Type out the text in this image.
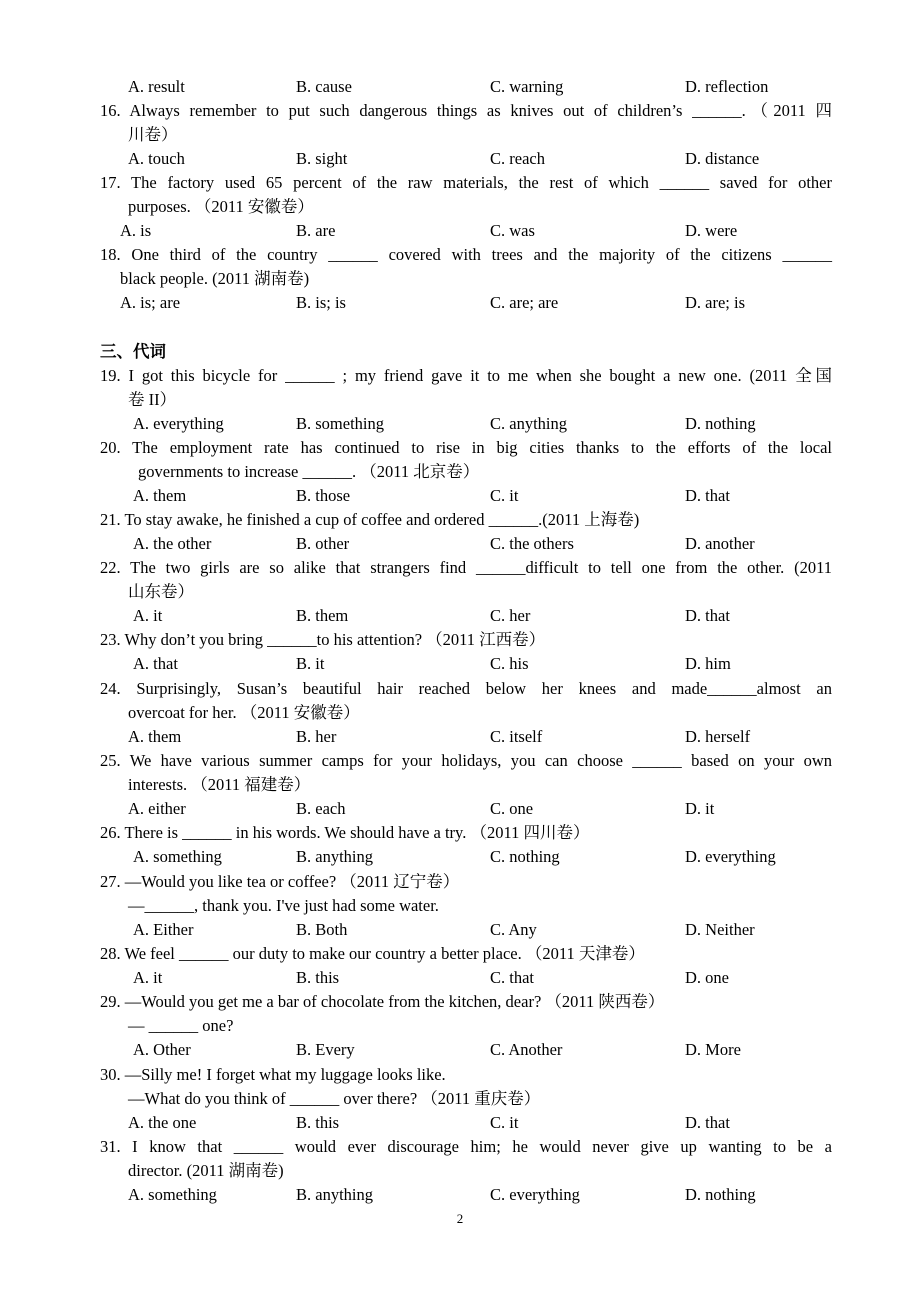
A. result	B. cause	C. warning	D. reflection
16. Always remember to put such dangerous things as knives out of children’s ______.（2011 四
川卷）
A. touch	B. sight	C. reach	D. distance
17. The factory used 65 percent of the raw materials, the rest of which ______ saved for other
purposes. （2011 安徽卷）
A. is	B. are	C. was	D. were
18. One third of the country ______ covered with trees and the majority of the citizens ______
black people. (2011 湖南卷)
A. is; are	B. is; is	C. are; are	D. are; is
三、代词
19. I got this bicycle for ______ ; my friend gave it to me when she bought a new one. (2011 全国
卷 II）
A. everything	B. something	C. anything	D. nothing
20. The employment rate has continued to rise in big cities thanks to the efforts of the local
governments to increase ______. （2011 北京卷）
A. them	B. those	C. it	D. that
21. To stay awake, he finished a cup of coffee and ordered ______.(2011 上海卷)
A. the other	B. other	C. the others	D. another
22. The two girls are so alike that strangers find ______difficult to tell one from the other. (2011
山东卷）
A. it	B. them	C. her	D. that
23. Why don’t you bring ______to his attention? （2011 江西卷）
A. that	B. it	C. his	D. him
24. Surprisingly, Susan’s beautiful hair reached below her knees and made______almost an
overcoat for her. （2011 安徽卷）
A. them	B. her	C. itself	D. herself
25. We have various summer camps for your holidays, you can choose ______ based on your own
interests. （2011 福建卷）
A. either	B. each	C. one	D. it
26. There is ______ in his words. We should have a try. （2011 四川卷）
A. something	B. anything	C. nothing	D. everything
27. —Would you like tea or coffee? （2011 辽宁卷）
—______, thank you. I've just had some water.
A. Either	B. Both	C. Any	D. Neither
28. We feel ______ our duty to make our country a better place. （2011 天津卷）
A. it	B. this	C. that	D. one
29. —Would you get me a bar of chocolate from the kitchen, dear? （2011 陕西卷）
— ______ one?
A. Other	B. Every	C. Another	D. More
30. —Silly me! I forget what my luggage looks like.
—What do you think of ______ over there? （2011 重庆卷）
A. the one	B. this	C. it	D. that
31. I know that ______ would ever discourage him; he would never give up wanting to be a
director. (2011 湖南卷)
A. something	B. anything	C. everything	D. nothing
2
